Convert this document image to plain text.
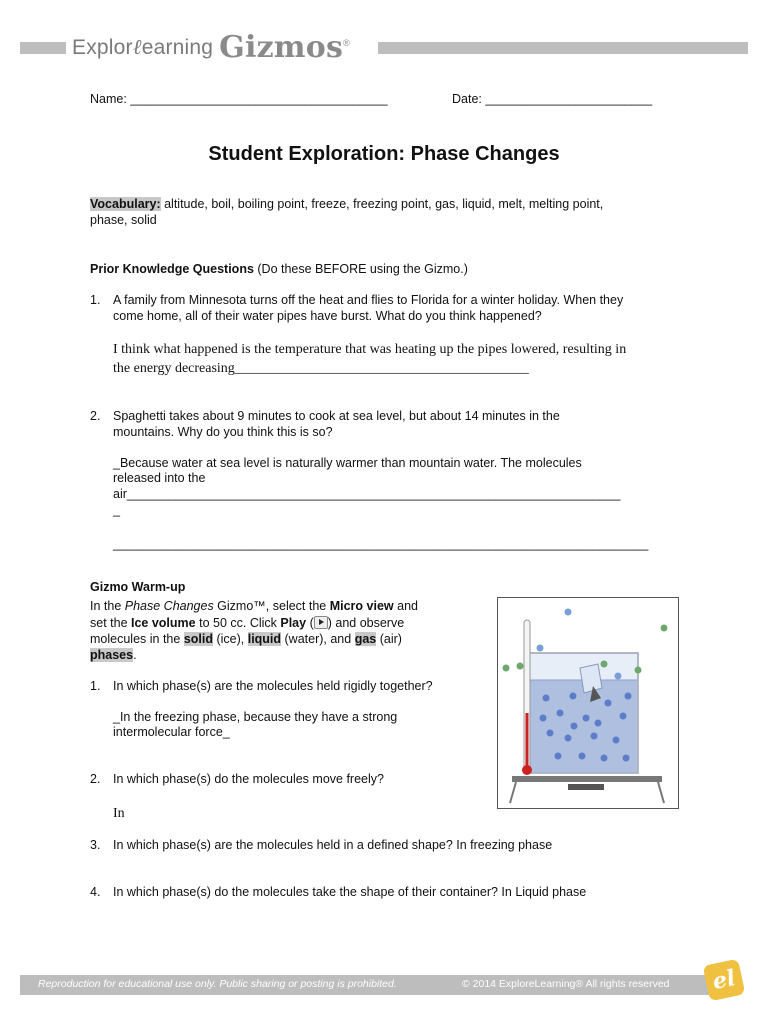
Explorℓearning Gizmos®
Name: _____________________________________	Date: ________________________
Student Exploration: Phase Changes
Vocabulary: altitude, boil, boiling point, freeze, freezing point, gas, liquid, melt, melting point,
phase, solid
Prior Knowledge Questions (Do these BEFORE using the Gizmo.)
1. A family from Minnesota turns off the heat and flies to Florida for a winter holiday. When they
come home, all of their water pipes have burst. What do you think happened?
I think what happened is the temperature that was heating up the pipes lowered, resulting in
the energy decreasing__________________________________________
2. Spaghetti takes about 9 minutes to cook at sea level, but about 14 minutes in the
mountains. Why do you think this is so?
_Because water at sea level is naturally warmer than mountain water. The molecules
released into the
air_______________________________________________________________________
_
_____________________________________________________________________________
Gizmo Warm-up
In the Phase Changes Gizmo™, select the Micro view and
set the Ice volume to 50 cc. Click Play ( ) and observe
molecules in the solid (ice), liquid (water), and gas (air)
phases.
1. In which phase(s) are the molecules held rigidly together?
_In the freezing phase, because they have a strong
intermolecular force_
2. In which phase(s) do the molecules move freely?
In
3. In which phase(s) are the molecules held in a defined shape? In freezing phase
4. In which phase(s) do the molecules take the shape of their container? In Liquid phase
Reproduction for educational use only. Public sharing or posting is prohibited.	© 2014 ExploreLearning® All rights reserved	el
